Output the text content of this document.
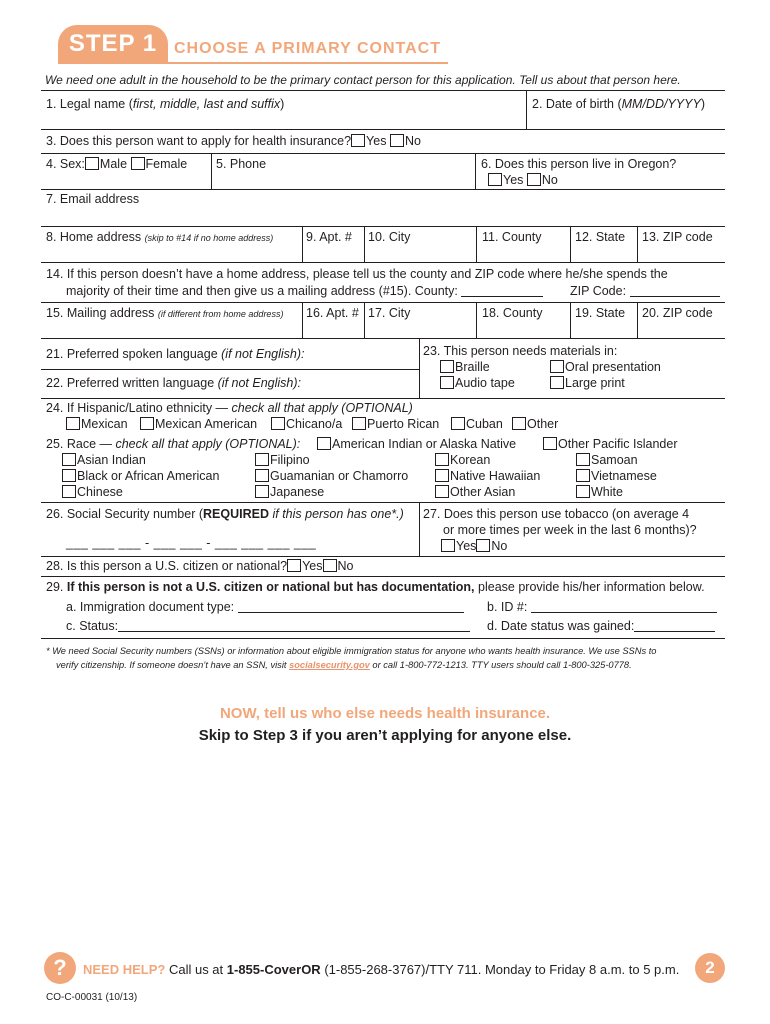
STEP 1	CHOOSE A PRIMARY CONTACT
We need one adult in the household to be the primary contact person for this application. Tell us about that person here.
1. Legal name (first, middle, last and suffix)	2. Date of birth (MM/DD/YYYY)
3. Does this person want to apply for health insurance? Yes No
4. Sex: Male Female 5. Phone	6. Does this person live in Oregon?
Yes No
7. Email address
8. Home address (skip to #14 if no home address)	9. Apt. # 10. City	11. County	12. State 13. ZIP code
14. If this person doesn’t have a home address, please tell us the county and ZIP code where he/she spends the
majority of their time and then give us a mailing address (#15). County:	ZIP Code:
15. Mailing address (if different from home address) 16. Apt. # 17. City	18. County	19. State 20. ZIP code
21. Preferred spoken language (if not English):
22. Preferred written language (if not English):
23. This person needs materials in:
Braille	Oral presentation
Audio tape	Large print
24. If Hispanic/Latino ethnicity — check all that apply (OPTIONAL)
Mexican	Mexican American	Chicano/a	Puerto Rican	Cuban	Other
25. Race — check all that apply (OPTIONAL):	American Indian or Alaska Native	Other Pacific Islander
Asian Indian	Filipino	Korean	Samoan
Black or African American	Guamanian or Chamorro	Native Hawaiian	Vietnamese
Chinese	Japanese	Other Asian	White
26. Social Security number (REQUIRED if this person has one*.)
___ ___ ___ - ___ ___ - ___ ___ ___ ___
27. Does this person use tobacco (on average 4
or more times per week in the last 6 months)?
Yes No
28. Is this person a U.S. citizen or national? Yes No
29. If this person is not a U.S. citizen or national but has documentation, please provide his/her information below.
a. Immigration document type:	b. ID #:
c. Status:	d. Date status was gained:
* We need Social Security numbers (SSNs) or information about eligible immigration status for anyone who wants health insurance. We use SSNs to
verify citizenship. If someone doesn’t have an SSN, visit socialsecurity.gov or call 1-800-772-1213. TTY users should call 1-800-325-0778.
NOW, tell us who else needs health insurance.
Skip to Step 3 if you aren’t applying for anyone else.
?	NEED HELP? Call us at 1-855-CoverOR (1-855-268-3767)/TTY 711. Monday to Friday 8 a.m. to 5 p.m.	2
CO-C-00031 (10/13)
